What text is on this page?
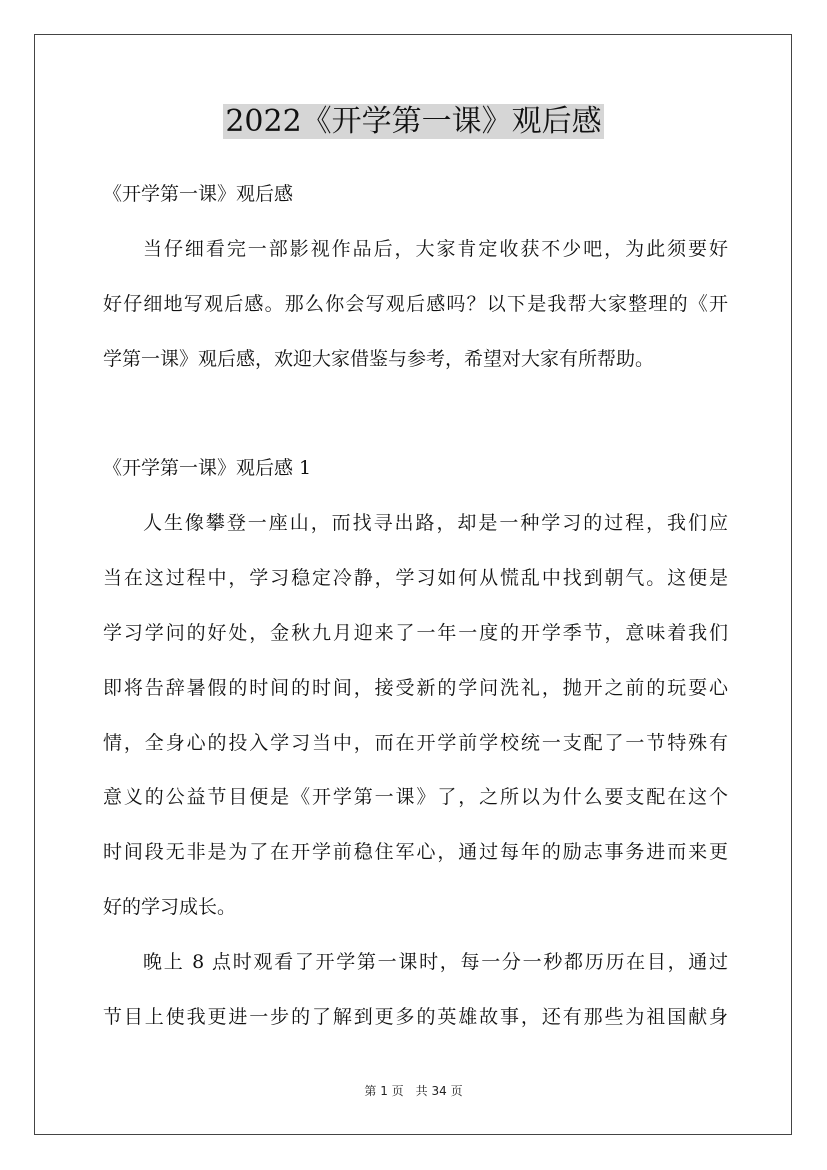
2022《开学第一课》观后感

《开学第一课》观后感

当仔细看完一部影视作品后，大家肯定收获不少吧，为此须要好

好仔细地写观后感。那么你会写观后感吗？以下是我帮大家整理的《开

学第一课》观后感，欢迎大家借鉴与参考，希望对大家有所帮助。

《开学第一课》观后感 1

人生像攀登一座山，而找寻出路，却是一种学习的过程，我们应

当在这过程中，学习稳定冷静，学习如何从慌乱中找到朝气。这便是

学习学问的好处，金秋九月迎来了一年一度的开学季节，意味着我们

即将告辞暑假的时间的时间，接受新的学问洗礼，抛开之前的玩耍心

情，全身心的投入学习当中，而在开学前学校统一支配了一节特殊有

意义的公益节目便是《开学第一课》了，之所以为什么要支配在这个

时间段无非是为了在开学前稳住军心，通过每年的励志事务进而来更

好的学习成长。

晚上 8 点时观看了开学第一课时，每一分一秒都历历在目，通过

节目上使我更进一步的了解到更多的英雄故事，还有那些为祖国献身

第 1 页　共 34 页
